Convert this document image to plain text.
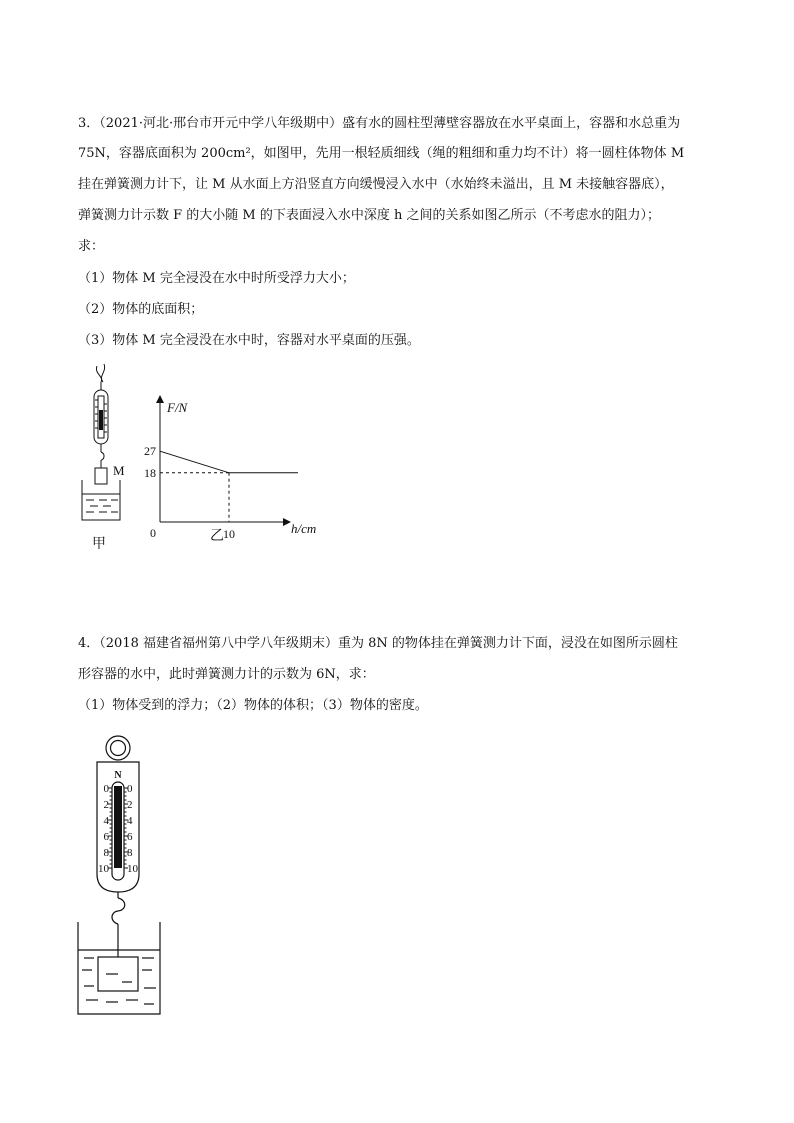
3．（2021·河北·邢台市开元中学八年级期中）盛有水的圆柱型薄壁容器放在水平桌面上，容器和水总重为
75N，容器底面积为 200cm²，如图甲，先用一根轻质细线（绳的粗细和重力均不计）将一圆柱体物体 M
挂在弹簧测力计下，让 M 从水面上方沿竖直方向缓慢浸入水中（水始终未溢出，且 M 未接触容器底），
弹簧测力计示数 F 的大小随 M 的下表面浸入水中深度 h 之间的关系如图乙所示（不考虑水的阻力）；
求：
（1）物体 M 完全浸没在水中时所受浮力大小；
（2）物体的底面积；
（3）物体 M 完全浸没在水中时，容器对水平桌面的压强。
M
甲
18
27
10
F/N
h/cm
0	乙
4．（2018 福建省福州第八中学八年级期末）重为 8N 的物体挂在弹簧测力计下面，浸没在如图所示圆柱
形容器的水中，此时弹簧测力计的示数为 6N，求：
（1）物体受到的浮力；（2）物体的体积；（3）物体的密度。
N
0
2
4
6
8
10
0
2
4
6
8
10
